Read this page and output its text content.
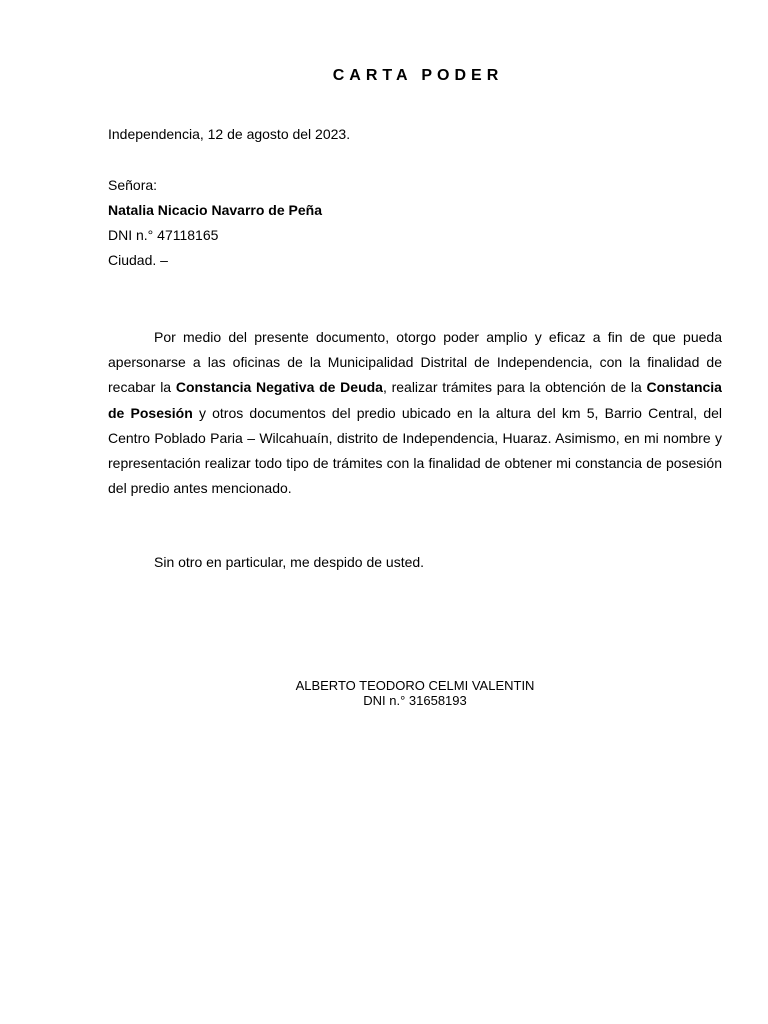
CARTA PODER
Independencia, 12 de agosto del 2023.
Señora:
Natalia Nicacio Navarro de Peña
DNI n.° 47118165
Ciudad. –

Por medio del presente documento, otorgo poder amplio y eficaz a fin de que pueda apersonarse a las oficinas de la Municipalidad Distrital de Independencia, con la finalidad de recabar la Constancia Negativa de Deuda, realizar trámites para la obtención de la Constancia de Posesión y otros documentos del predio ubicado en la altura del km 5, Barrio Central, del Centro Poblado Paria – Wilcahuaín, distrito de Independencia, Huaraz. Asimismo, en mi nombre y representación realizar todo tipo de trámites con la finalidad de obtener mi constancia de posesión del predio antes mencionado.

Sin otro en particular, me despido de usted.
ALBERTO TEODORO CELMI VALENTIN
DNI n.° 31658193
